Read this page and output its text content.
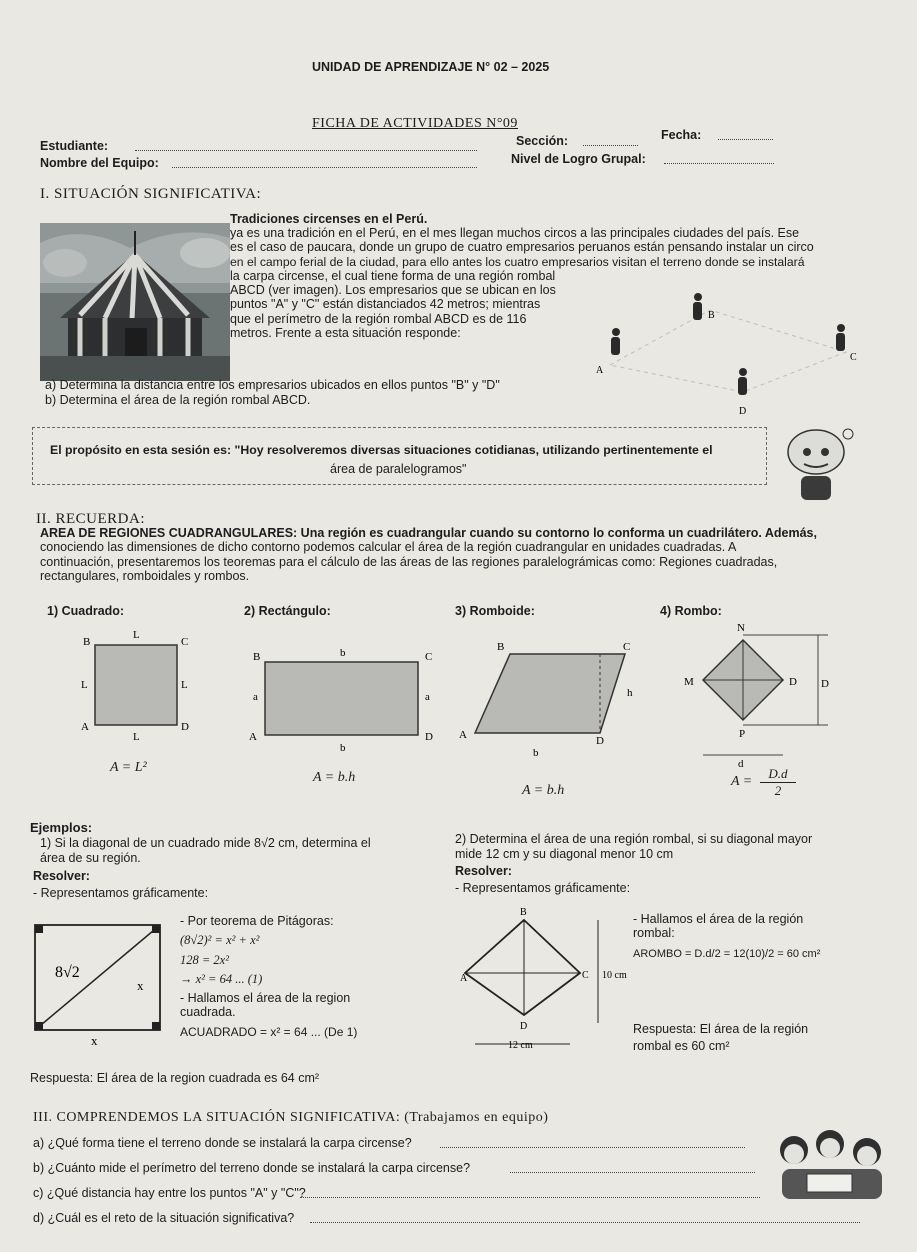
UNIDAD DE APRENDIZAJE N° 02 – 2025
FICHA DE ACTIVIDADES N°09
Estudiante:	Sección:	Fecha:
Nombre del Equipo:	Nivel de Logro Grupal:
I. SITUACIÓN SIGNIFICATIVA:
Tradiciones circenses en el Perú.
ya es una tradición en el Perú, en el mes llegan muchos circos a las principales ciudades del país. Ese
es el caso de paucara, donde un grupo de cuatro empresarios peruanos están pensando instalar un circo
en el campo ferial de la ciudad, para ello antes los cuatro empresarios visitan el terreno donde se instalará
la carpa circense, el cual tiene forma de una región rombal
ABCD (ver imagen). Los empresarios que se ubican en los
puntos "A" y "C" están distanciados 42 metros; mientras
que el perímetro de la región rombal ABCD es de 116
metros. Frente a esta situación responde:
a) Determina la distancia entre los empresarios ubicados en ellos puntos "B" y "D"
b) Determina el área de la región rombal ABCD.
B
A
C
D
El propósito en esta sesión es: "Hoy resolveremos diversas situaciones cotidianas, utilizando pertinentemente el
área de paralelogramos"
II. RECUERDA:
AREA DE REGIONES CUADRANGULARES: Una región es cuadrangular cuando su contorno lo conforma un cuadrilátero. Además,
conociendo las dimensiones de dicho contorno podemos calcular el área de la región cuadrangular en unidades cuadradas. A
continuación, presentaremos los teoremas para el cálculo de las áreas de las regiones paralelográmicas como: Regiones cuadradas,
rectangulares, romboidales y rombos.
1) Cuadrado:	2) Rectángulo:	3) Romboide:	4) Rombo:
B	C
A	D
L
L	L
L
A = L²
B	C
A	D
b
b
a	a
A = b.h
B	C
A	D
h
b
A = b.h
N
M	D
P
D
d
A =
D.d
2
Ejemplos:
1) Si la diagonal de un cuadrado mide 8√2 cm, determina el
área de su región.
Resolver:
- Representamos gráficamente:
8√2
x
x
- Por teorema de Pitágoras:
(8√2)² = x² + x²
128 = 2x²
→ x² = 64 ... (1)
- Hallamos el área de la region
cuadrada.
ACUADRADO = x² = 64 ... (De 1)
Respuesta: El área de la region cuadrada es 64 cm²
2) Determina el área de una región rombal, si su diagonal mayor
mide 12 cm y su diagonal menor 10 cm
Resolver:
- Representamos gráficamente:
B
A	C
D
10 cm
12 cm
- Hallamos el área de la región
rombal:
AROMBO = D.d/2 = 12(10)/2 = 60 cm²
Respuesta: El área de la región
rombal es 60 cm²
III. COMPRENDEMOS LA SITUACIÓN SIGNIFICATIVA: (Trabajamos en equipo)
a) ¿Qué forma tiene el terreno donde se instalará la carpa circense?
b) ¿Cuánto mide el perímetro del terreno donde se instalará la carpa circense?
c) ¿Qué distancia hay entre los puntos "A" y "C"?
d) ¿Cuál es el reto de la situación significativa?
